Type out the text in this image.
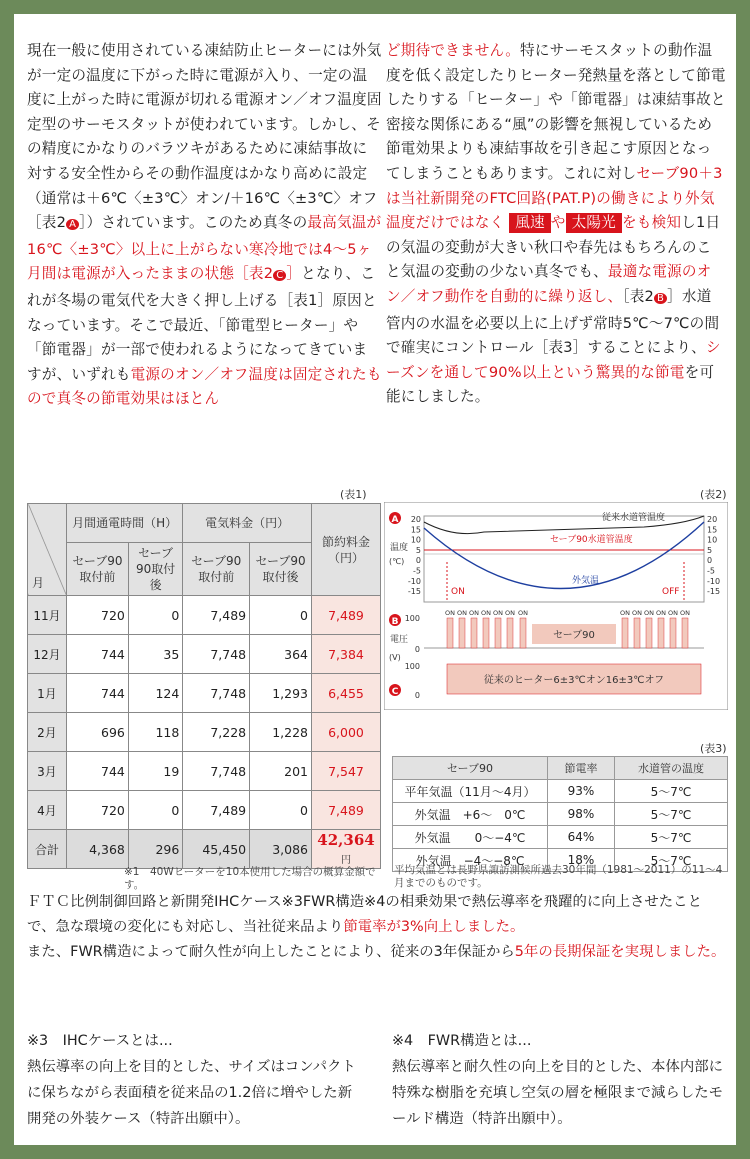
現在一般に使用されている凍結防止ヒーターには外気が一定の温度に下がった時に電源が入り、一定の温度に上がった時に電源が切れる電源オン／オフ温度固定型のサーモスタットが使われています。しかし、その精度にかなりのバラツキがあるために凍結事故に対する安全性からその動作温度はかなり高めに設定（通常は＋6℃〈±3℃〉オン/＋16℃〈±3℃〉オフ［表2 A ］）されています。このため真冬の最高気温が16℃〈±3℃〉以上に上がらない寒冷地では4〜5ヶ月間は電源が入ったままの状態［表2 C ］となり、これが冬場の電気代を大きく押し上げる［表1］原因となっています。そこで最近、「節電型ヒーター」や「節電器」が一部で使われるようになってきていますが、いずれも電源のオン／オフ温度は固定されたもので真冬の節電効果はほとん

ど期待できません。特にサーモスタットの動作温度を低く設定したりヒーター発熱量を落として節電したりする「ヒーター」や「節電器」は凍結事故と密接な関係にある“風”の影響を無視しているため節電効果よりも凍結事故を引き起こす原因となってしまうこともあります。これに対しセーブ90＋3は当社新開発のFTC回路(PAT.P)の働きにより外気温度だけではなく 風速 や 太陽光 をも検知し1日の気温の変動が大きい秋口や春先はもちろんのこと気温の変動の少ない真冬でも、最適な電源のオン／オフ動作を自動的に繰り返し、［表2 B ］水道管内の水温を必要以上に上げず常時5℃〜7℃の間で確実にコントロール［表3］することにより、シーズンを通して90%以上という驚異的な節電を可能にしました。

(表1)
月	月間通電時間（H）		電気料金（円）		節約料金（円）
	セーブ90取付前	セーブ90取付後	セーブ90取付前	セーブ90取付後	
11月	720	0	7,489	0	7,489
12月	744	35	7,748	364	7,384
1月	744	124	7,748	1,293	6,455
2月	696	118	7,228	1,228	6,000
3月	744	19	7,748	201	7,547
4月	720	0	7,489	0	7,489
合計	4,368	296	45,450	3,086	42,364円
(表2)
A
B
C
温度
(℃)
電圧
(V)
20
15
10
5
0
-5
-10
-15
20
15
10
5
0
-5
-10
-15
従来水道管温度
セーブ90水道管温度
外気温
ON	OFF
100
0
ON ON ON ON ON ON ON	ON ON ON ON ON ON
セーブ90
100
0
従来のヒーター6±3℃オン16±3℃オフ
(表3)
セーブ90	節電率	水道管の温度
平年気温（11月〜4月）	93%	5〜7℃
外気温　+6〜　0℃	98%	5〜7℃
外気温　　0〜−4℃	64%	5〜7℃
外気温　−4〜−8℃	18%	5〜7℃
※1　40Wヒーターを10本使用した場合の概算金額です。
平均気温とは長野県諏訪測候所過去30年間（1981〜2011）の11〜4月までのものです。

ＦＴＣ比例制御回路と新開発IHCケース※3FWR構造※4の相乗効果で熱伝導率を飛躍的に向上させたことで、急な環境の変化にも対応し、当社従来品より節電率が3%向上しました。

また、FWR構造によって耐久性が向上したことにより、従来の3年保証から5年の長期保証を実現しました。

※3　IHCケースとは...

熱伝導率の向上を目的とした、サイズはコンパクトに保ちながら表面積を従来品の1.2倍に増やした新開発の外装ケース（特許出願中）。

※4　FWR構造とは...

熱伝導率と耐久性の向上を目的とした、本体内部に特殊な樹脂を充填し空気の層を極限まで減らしたモールド構造（特許出願中）。
